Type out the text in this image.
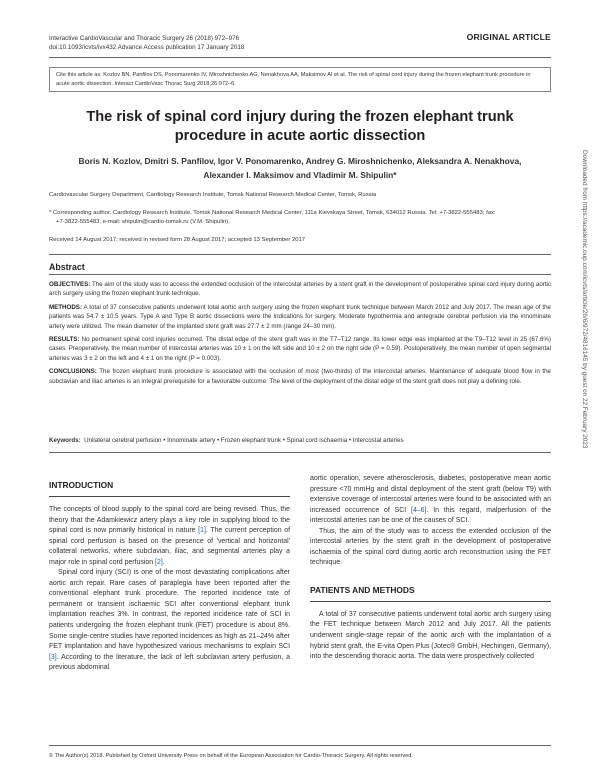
Interactive CardioVascular and Thoracic Surgery 26 (2018) 972–976
doi:10.1093/icvts/ivx432 Advance Access publication 17 January 2018
ORIGINAL ARTICLE
Cite this article as: Kozlov BN, Panfilov DS, Ponomarenko IV, Miroshnichenko AG, Nenakhova AA, Maksimov AI et al. The risk of spinal cord injury during the frozen elephant trunk procedure in acute aortic dissection. Interact CardioVasc Thorac Surg 2018;26:972–6.
The risk of spinal cord injury during the frozen elephant trunk procedure in acute aortic dissection
Boris N. Kozlov, Dmitri S. Panfilov, Igor V. Ponomarenko, Andrey G. Miroshnichenko, Aleksandra A. Nenakhova,
Alexander I. Maksimov and Vladimir M. Shipulin*
Cardiovascular Surgery Department, Cardiology Research Institute, Tomsk National Research Medical Center, Tomsk, Russia
* Corresponding author. Cardiology Research Institute, Tomsk National Research Medical Center, 111a Kievskaya Street, Tomsk, 634012 Russia. Tel: +7-3822-555483; fax: +7-3822-555483; e-mail: shipulin@cardio-tomsk.ru (V.M. Shipulin).
Received 14 August 2017; received in revised form 28 August 2017; accepted 13 September 2017
Abstract

OBJECTIVES: The aim of the study was to access the extended occlusion of the intercostal arteries by a stent graft in the development of postoperative spinal cord injury during aortic arch surgery using the frozen elephant trunk technique.

METHODS: A total of 37 consecutive patients underwent total aortic arch surgery using the frozen elephant trunk technique between March 2012 and July 2017. The mean age of the patients was 54.7 ± 10.5 years. Type A and Type B aortic dissections were the indications for surgery. Moderate hypothermia and antegrade cerebral perfusion via the innominate artery were utilized. The mean diameter of the implanted stent graft was 27.7 ± 2 mm (range 24–30 mm).

RESULTS: No permanent spinal cord injuries occurred. The distal edge of the stent graft was in the T7–T12 range. Its lower edge was implanted at the T9–T12 level in 25 (67.6%) cases. Preoperatively, the mean number of intercostal arteries was 10 ± 1 on the left side and 10 ± 2 on the right side (P = 0.59). Postoperatively, the mean number of open segmental arteries was 3 ± 2 on the left and 4 ± 1 on the right (P = 0.003).

CONCLUSIONS: The frozen elephant trunk procedure is associated with the occlusion of most (two-thirds) of the intercostal arteries. Maintenance of adequate blood flow in the subclavian and iliac arteries is an integral prerequisite for a favourable outcome. The level of the deployment of the distal edge of the stent graft does not play a defining role.

Keywords: Unilateral cerebral perfusion • Innominate artery • Frozen elephant trunk • Spinal cord ischaemia • Intercostal arteries
INTRODUCTION

The concepts of blood supply to the spinal cord are being revised. Thus, the theory that the Adamkiewicz artery plays a key role in supplying blood to the spinal cord is now primarily historical in nature [1]. The current perception of spinal cord perfusion is based on the presence of 'vertical and horizontal' collateral networks, where subclavian, iliac, and segmental arteries play a major role in spinal cord perfusion [2].

Spinal cord injury (SCI) is one of the most devastating complications after aortic arch repair. Rare cases of paraplegia have been reported after the conventional elephant trunk procedure. The reported incidence rate of permanent or transient ischaemic SCI after conventional elephant trunk implantation reaches 3%. In contrast, the reported incidence rate of SCI in patients undergoing the frozen elephant trunk (FET) procedure is about 8%. Some single-centre studies have reported incidences as high as 21–24% after FET implantation and have hypothesized various mechanisms to explain SCI [3]. According to the literature, the lack of left subclavian artery perfusion, a previous abdominal

aortic operation, severe atherosclerosis, diabetes, postoperative mean aortic pressure <70 mmHg and distal deployment of the stent graft (below T9) with extensive coverage of intercostal arteries were found to be associated with an increased occurrence of SCI [4–6]. In this regard, malperfusion of the intercostal arteries can be one of the causes of SCI.

Thus, the aim of the study was to access the extended occlusion of the intercostal arteries by the stent graft in the development of postoperative ischaemia of the spinal cord during aortic arch reconstruction using the FET technique.

PATIENTS AND METHODS

A total of 37 consecutive patients underwent total aortic arch surgery using the FET technique between March 2012 and July 2017. All the patients underwent single-stage repair of the aortic arch with the implantation of a hybrid stent graft, the E-vita Open Plus (Jotec® GmbH, Hechingen, Germany), into the descending thoracic aorta. The data were prospectively collected

© The Author(s) 2018. Published by Oxford University Press on behalf of the European Association for Cardio-Thoracic Surgery. All rights reserved.
Downloaded from https://academic.oup.com/icvts/article/26/6/972/4816145 by guest on 22 February 2023
